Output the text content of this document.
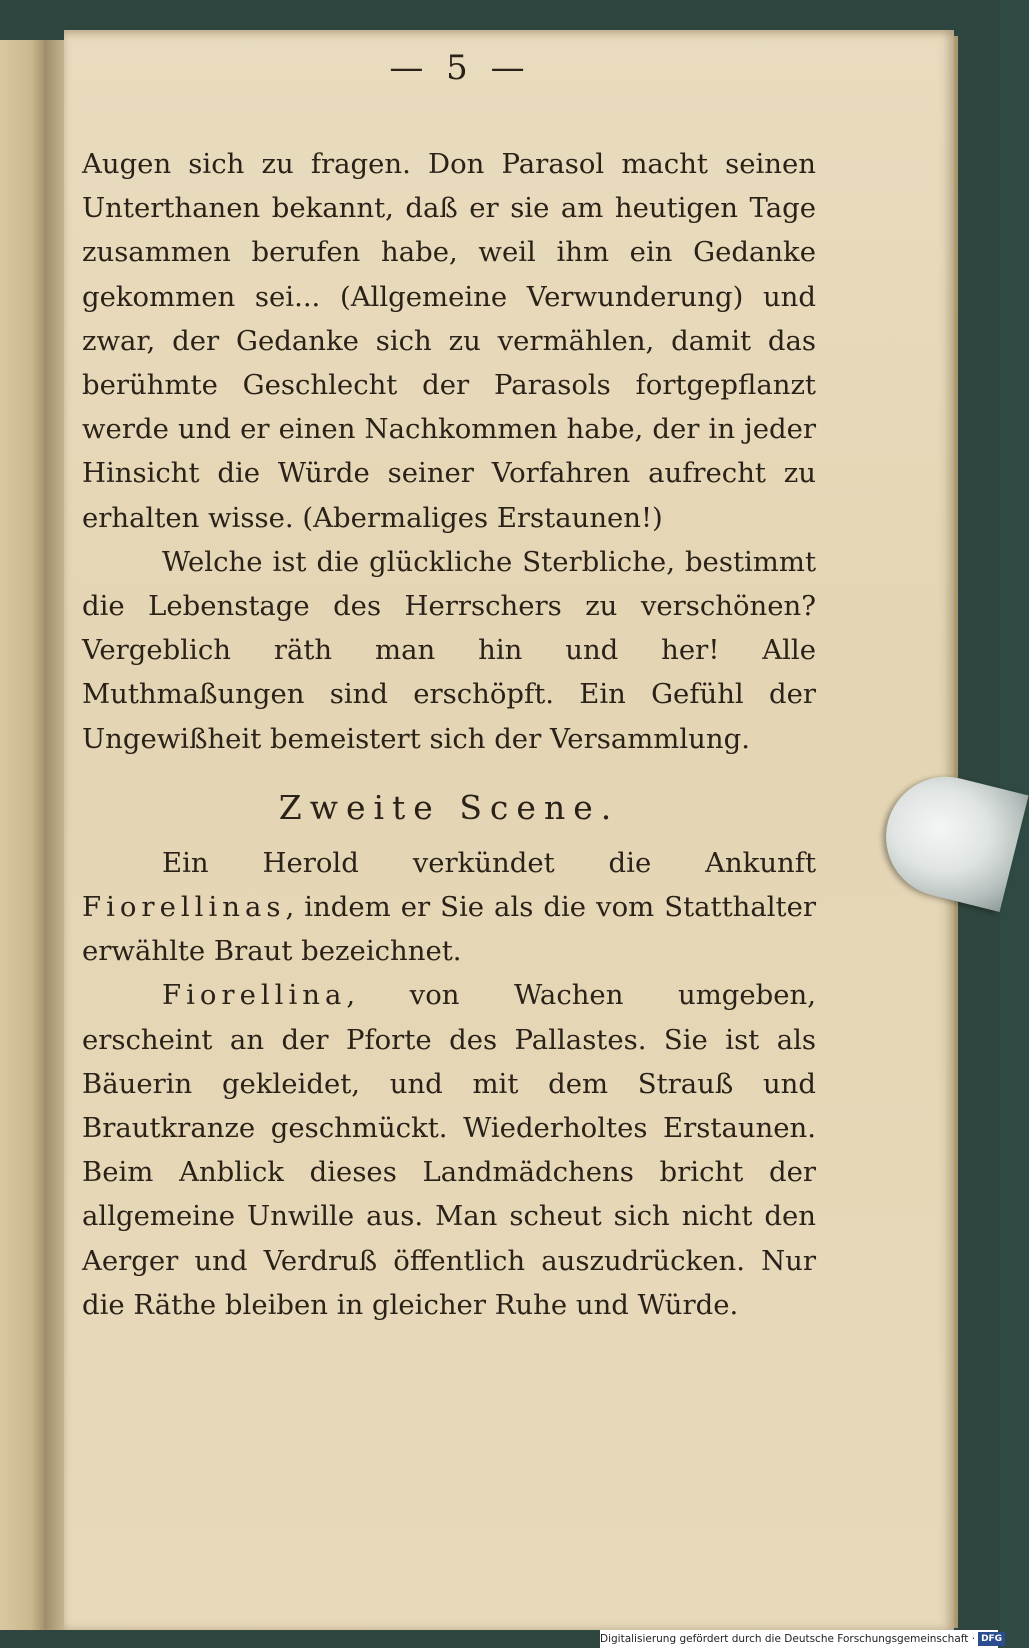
— 5 —

Augen sich zu fragen. Don Parasol macht seinen Unterthanen bekannt, daß er sie am heutigen Tage zusammen berufen habe, weil ihm ein Gedanke gekommen sei... (Allgemeine Verwunderung) und zwar, der Gedanke sich zu vermählen, damit das berühmte Geschlecht der Parasols fortgepflanzt werde und er einen Nachkommen habe, der in jeder Hinsicht die Würde seiner Vorfahren aufrecht zu erhalten wisse. (Abermaliges Erstaunen!)

Welche ist die glückliche Sterbliche, bestimmt die Lebenstage des Herrschers zu verschönen? Vergeblich räth man hin und her! Alle Muthmaßungen sind erschöpft. Ein Gefühl der Ungewißheit bemeistert sich der Versammlung.

Zweite Scene.

Ein Herold verkündet die Ankunft Fiorellinas, indem er Sie als die vom Statthalter erwählte Braut bezeichnet.

Fiorellina, von Wachen umgeben, erscheint an der Pforte des Pallastes. Sie ist als Bäuerin gekleidet, und mit dem Strauß und Brautkranze geschmückt. Wiederholtes Erstaunen. Beim Anblick dieses Landmädchens bricht der allgemeine Unwille aus. Man scheut sich nicht den Aerger und Verdruß öffentlich auszudrücken. Nur die Räthe bleiben in gleicher Ruhe und Würde.

Digitalisierung gefördert durch die Deutsche Forschungsgemeinschaft · DFG
